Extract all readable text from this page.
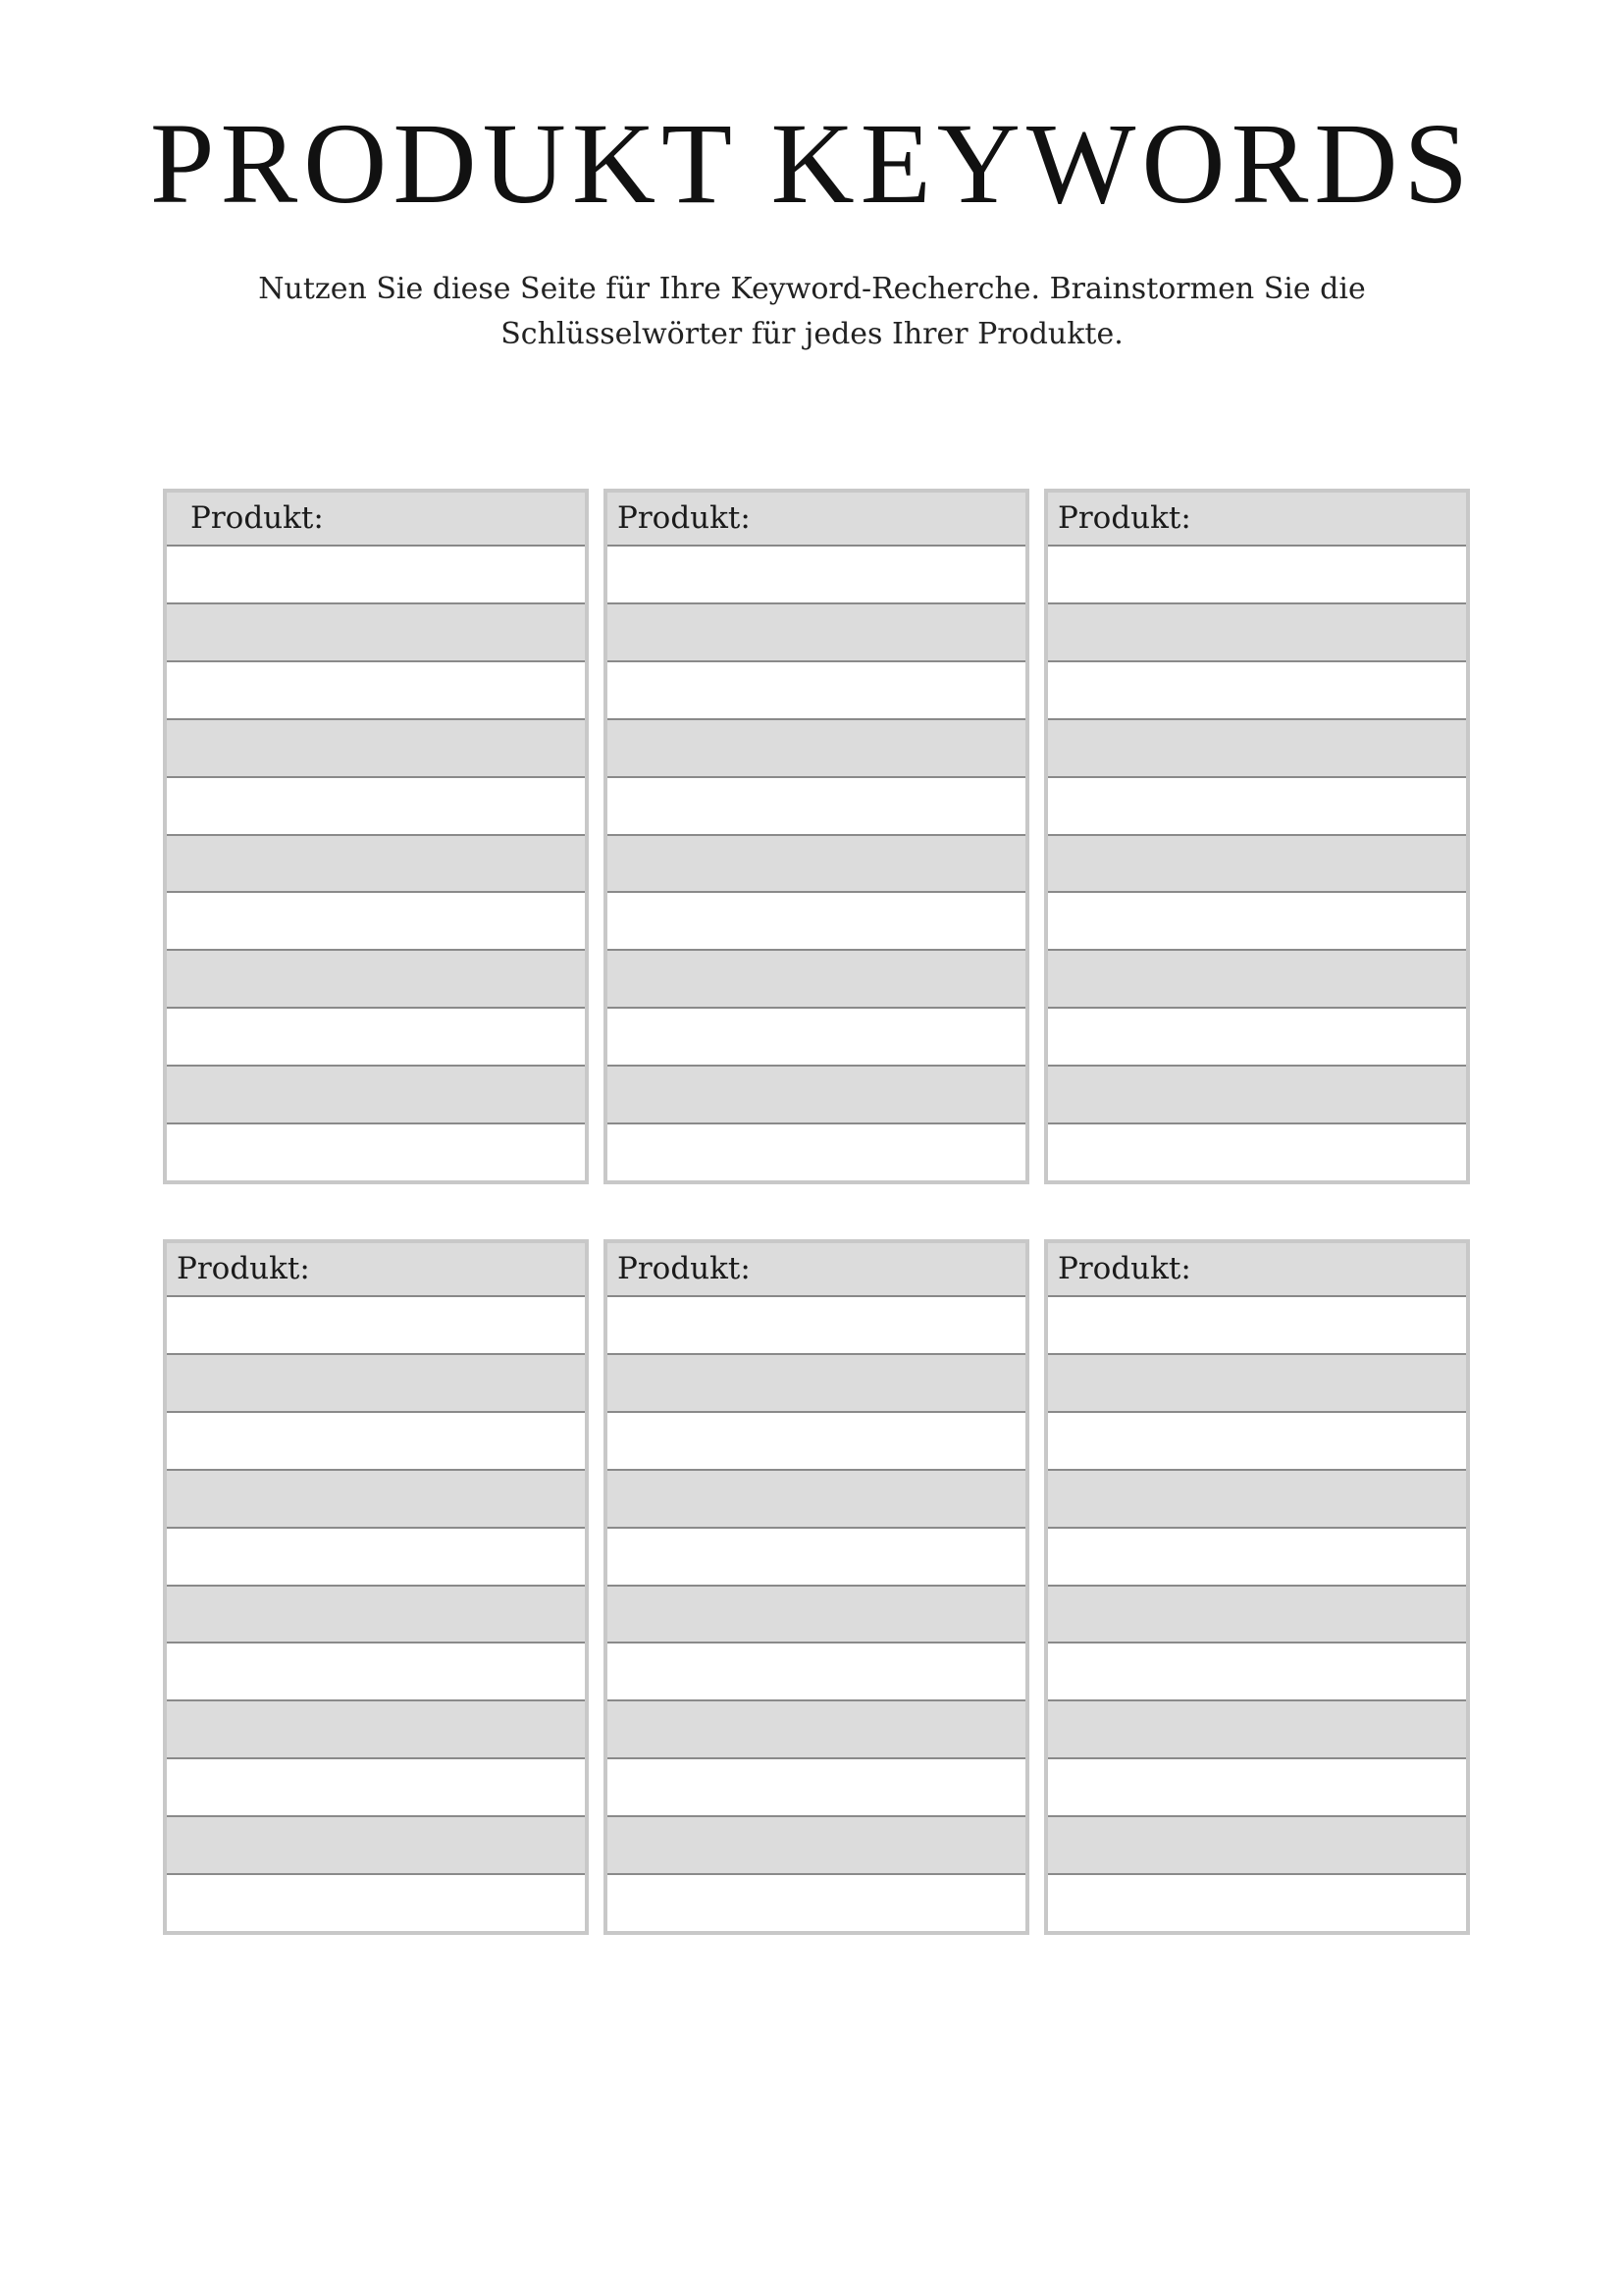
PRODUKT KEYWORDS

Nutzen Sie diese Seite für Ihre Keyword-Recherche. Brainstormen Sie die
Schlüsselwörter für jedes Ihrer Produkte.

Produkt:	Produkt:	Produkt:
Produkt:	Produkt:	Produkt:
